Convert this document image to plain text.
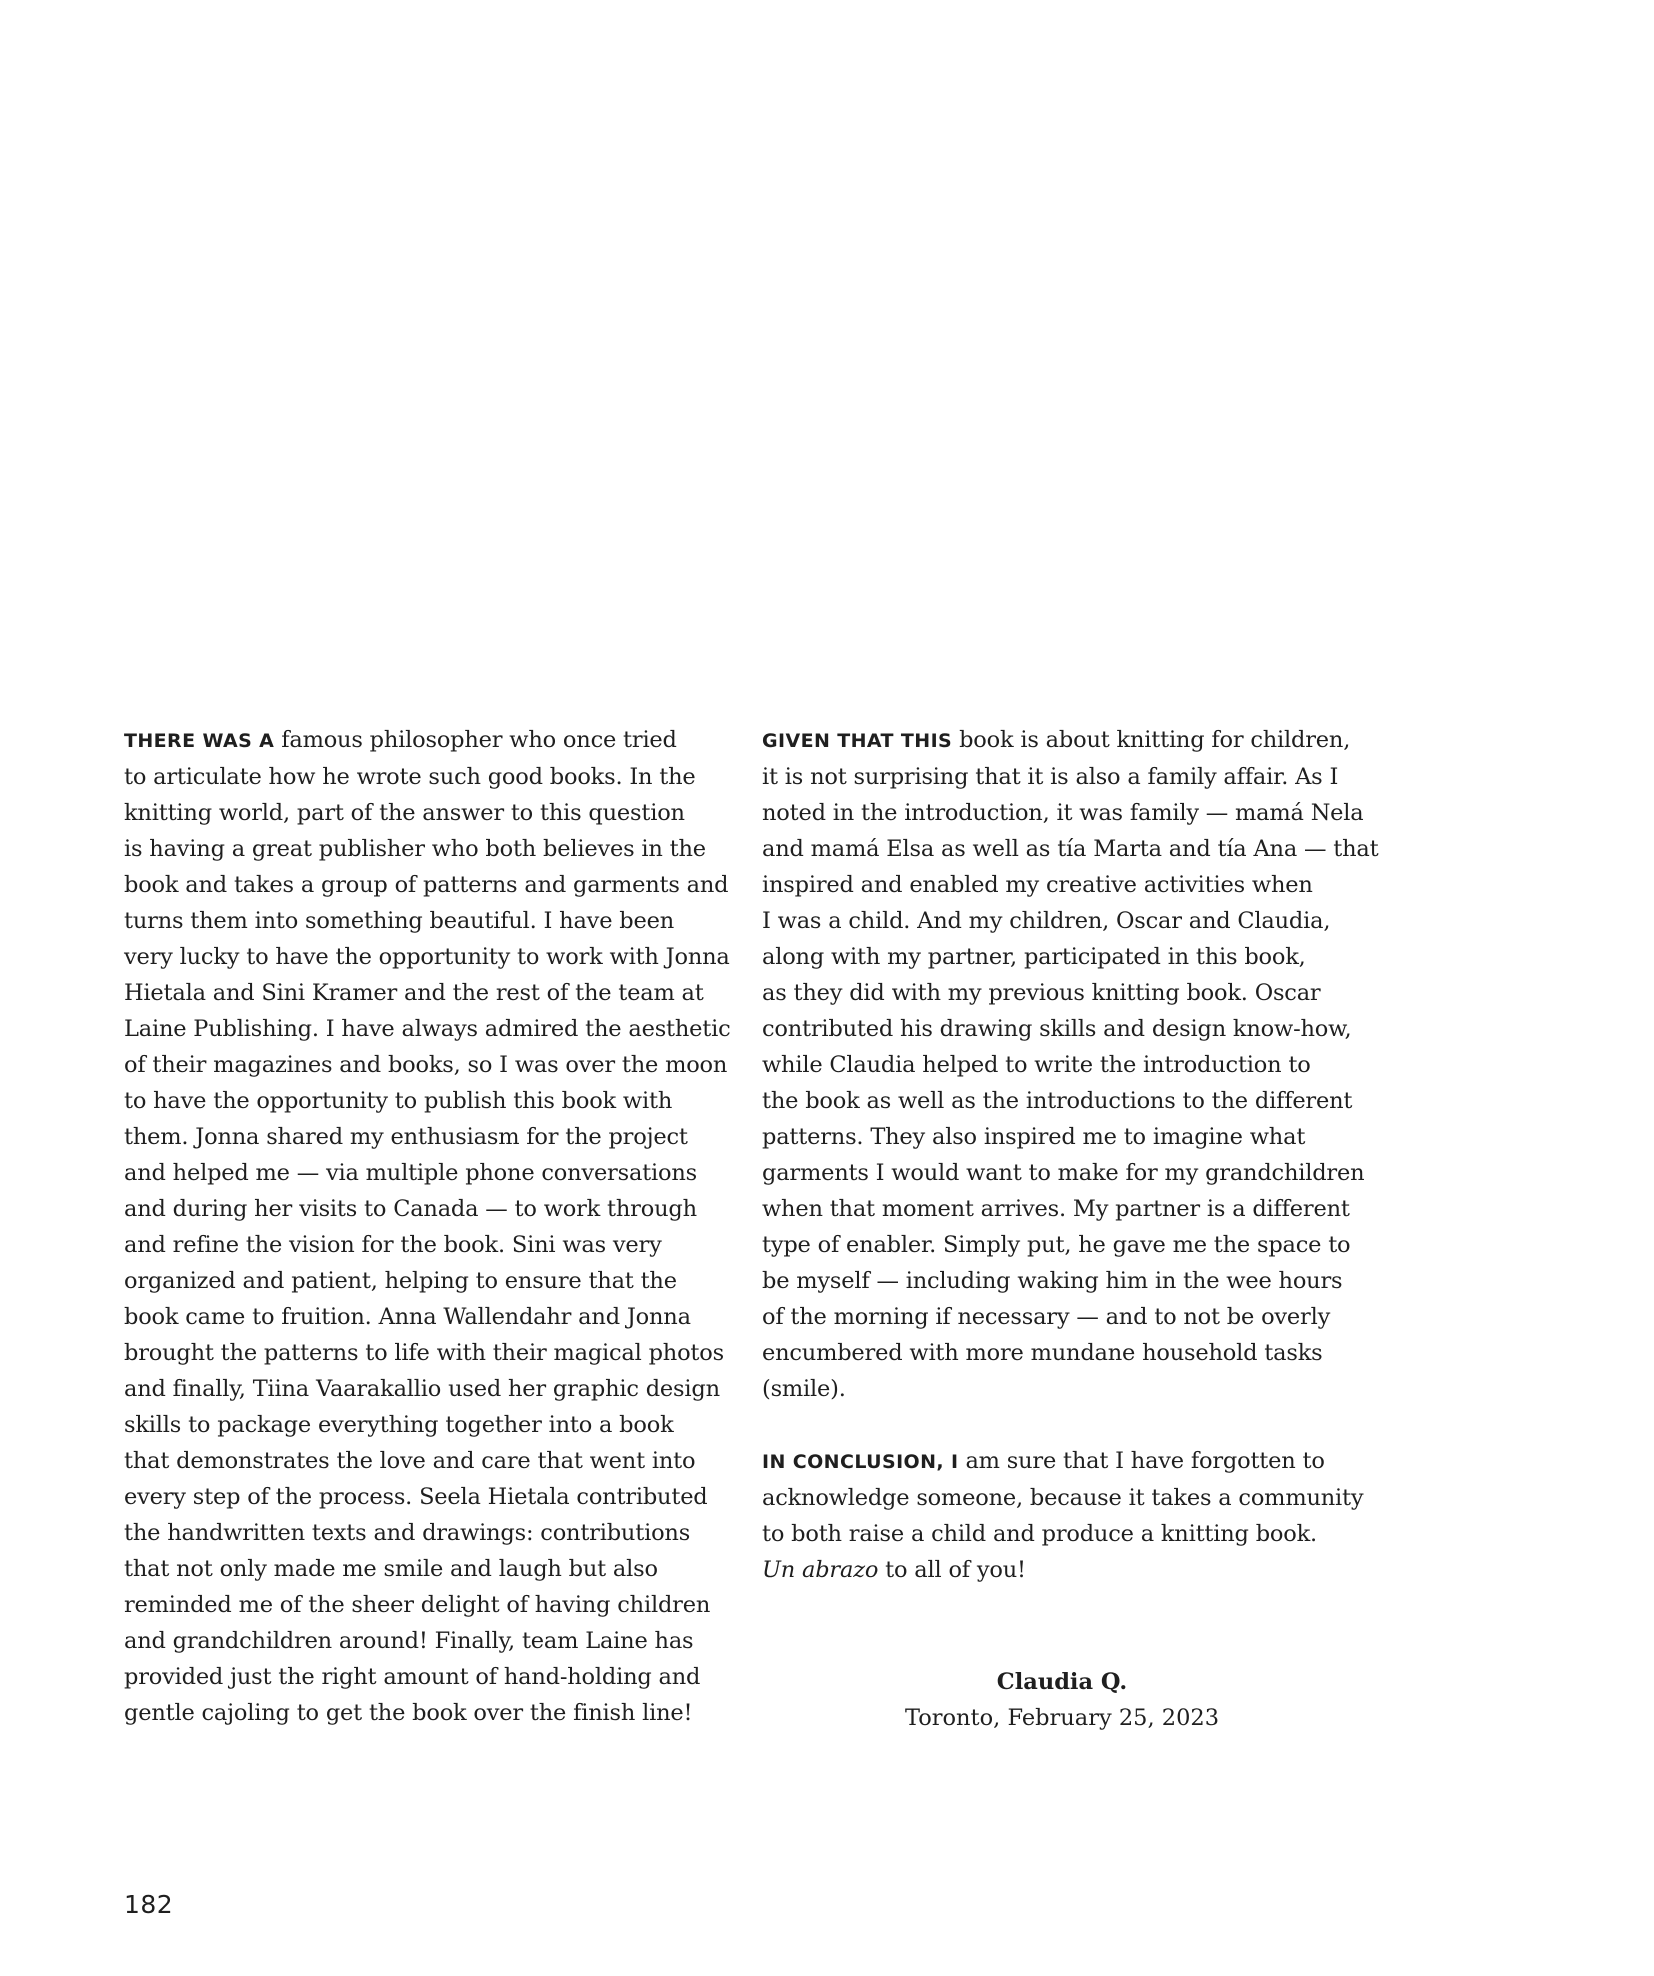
THERE WAS A famous philosopher who once tried
to articulate how he wrote such good books. In the
knitting world, part of the answer to this question
is having a great publisher who both believes in the
book and takes a group of patterns and garments and
turns them into something beautiful. I have been
very lucky to have the opportunity to work with Jonna
Hietala and Sini Kramer and the rest of the team at
Laine Publishing. I have always admired the aesthetic
of their magazines and books, so I was over the moon
to have the opportunity to publish this book with
them. Jonna shared my enthusiasm for the project
and helped me — via multiple phone conversations
and during her visits to Canada — to work through
and refine the vision for the book. Sini was very
organized and patient, helping to ensure that the
book came to fruition. Anna Wallendahr and Jonna
brought the patterns to life with their magical photos
and finally, Tiina Vaarakallio used her graphic design
skills to package everything together into a book
that demonstrates the love and care that went into
every step of the process. Seela Hietala contributed
the handwritten texts and drawings: contributions
that not only made me smile and laugh but also
reminded me of the sheer delight of having children
and grandchildren around! Finally, team Laine has
provided just the right amount of hand-holding and
gentle cajoling to get the book over the finish line!
GIVEN THAT THIS book is about knitting for children,
it is not surprising that it is also a family affair. As I
noted in the introduction, it was family — mamá Nela
and mamá Elsa as well as tía Marta and tía Ana — that
inspired and enabled my creative activities when
I was a child. And my children, Oscar and Claudia,
along with my partner, participated in this book,
as they did with my previous knitting book. Oscar
contributed his drawing skills and design know-how,
while Claudia helped to write the introduction to
the book as well as the introductions to the different
patterns. They also inspired me to imagine what
garments I would want to make for my grandchildren
when that moment arrives. My partner is a different
type of enabler. Simply put, he gave me the space to
be myself — including waking him in the wee hours
of the morning if necessary — and to not be overly
encumbered with more mundane household tasks
(smile).
IN CONCLUSION, I am sure that I have forgotten to
acknowledge someone, because it takes a community
to both raise a child and produce a knitting book.
Un abrazo to all of you!
Claudia Q.
Toronto, February 25, 2023
182
